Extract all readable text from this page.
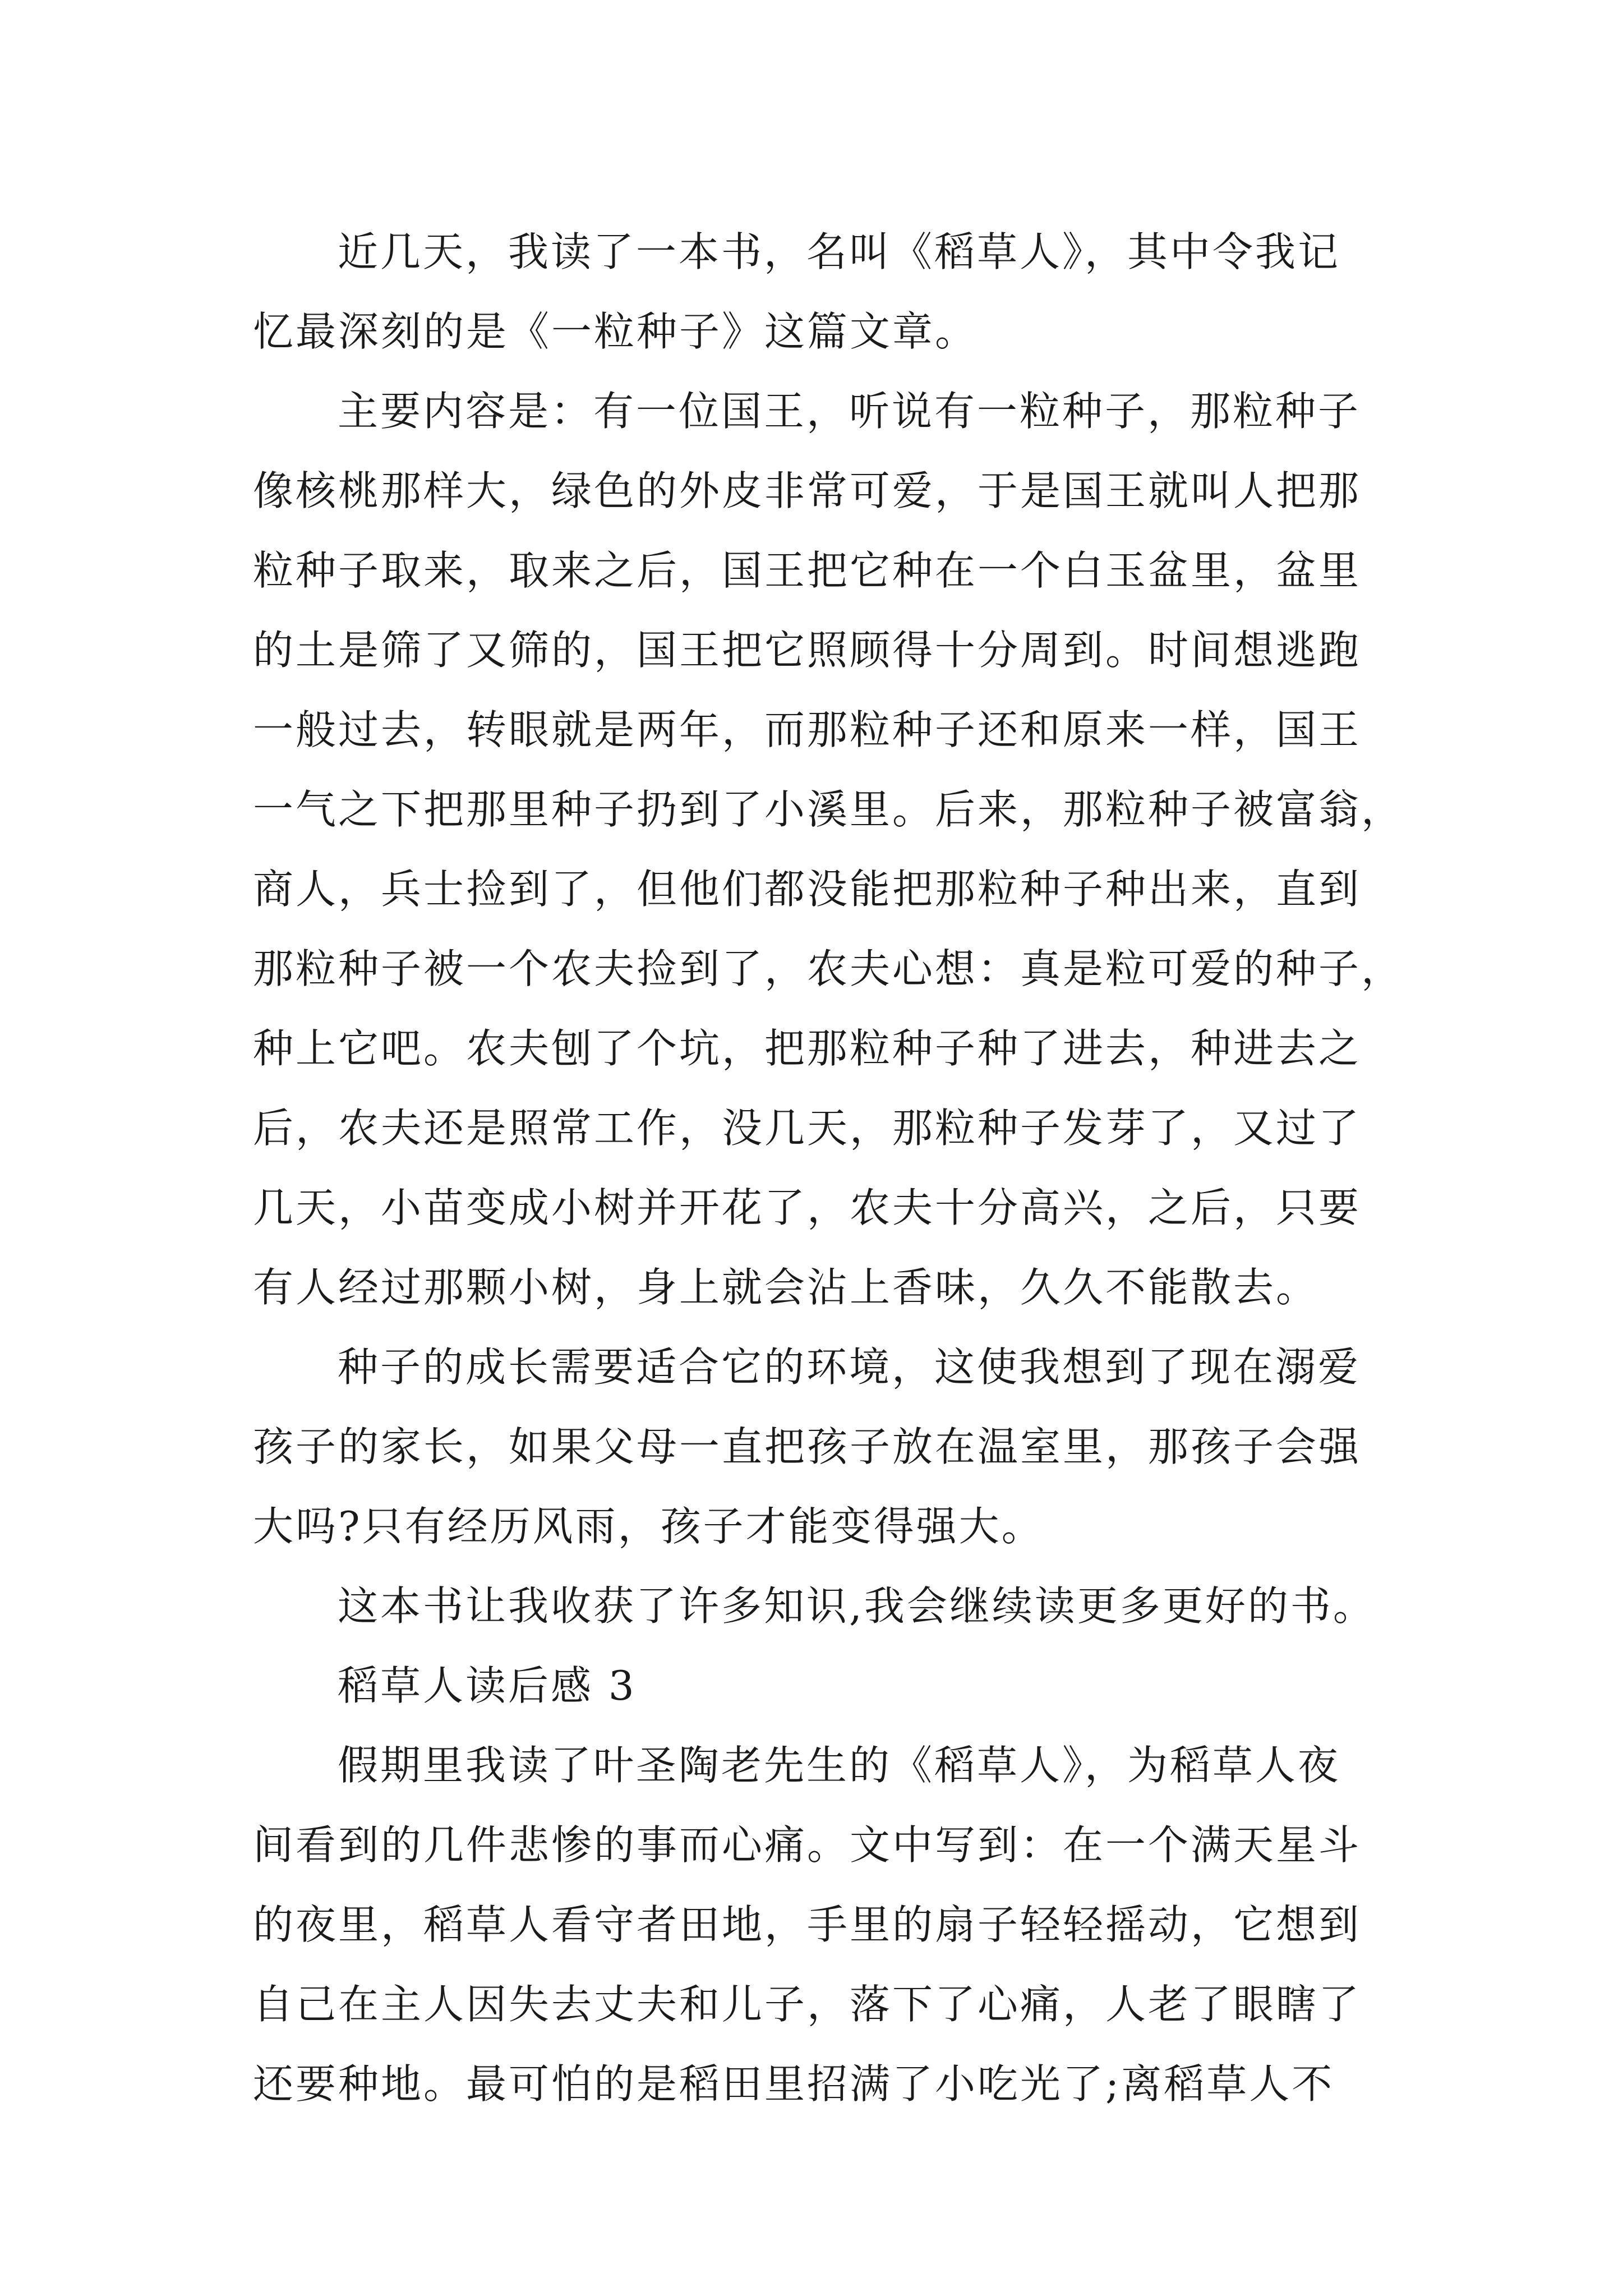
近几天，我读了一本书，名叫《稻草人》，其中令我记

忆最深刻的是《一粒种子》这篇文章。

主要内容是：有一位国王，听说有一粒种子，那粒种子

像核桃那样大，绿色的外皮非常可爱，于是国王就叫人把那

粒种子取来，取来之后，国王把它种在一个白玉盆里，盆里

的土是筛了又筛的，国王把它照顾得十分周到。时间想逃跑

一般过去，转眼就是两年，而那粒种子还和原来一样，国王

一气之下把那里种子扔到了小溪里。后来，那粒种子被富翁，

商人，兵士捡到了，但他们都没能把那粒种子种出来，直到

那粒种子被一个农夫捡到了，农夫心想：真是粒可爱的种子，

种上它吧。农夫刨了个坑，把那粒种子种了进去，种进去之

后，农夫还是照常工作，没几天，那粒种子发芽了，又过了

几天，小苗变成小树并开花了，农夫十分高兴，之后，只要

有人经过那颗小树，身上就会沾上香味，久久不能散去。

种子的成长需要适合它的环境，这使我想到了现在溺爱

孩子的家长，如果父母一直把孩子放在温室里，那孩子会强

大吗?只有经历风雨，孩子才能变得强大。

这本书让我收获了许多知识,我会继续读更多更好的书。

稻草人读后感 3

假期里我读了叶圣陶老先生的《稻草人》，为稻草人夜

间看到的几件悲惨的事而心痛。文中写到：在一个满天星斗

的夜里，稻草人看守者田地，手里的扇子轻轻摇动，它想到

自己在主人因失去丈夫和儿子，落下了心痛，人老了眼瞎了

还要种地。最可怕的是稻田里招满了小吃光了;离稻草人不
